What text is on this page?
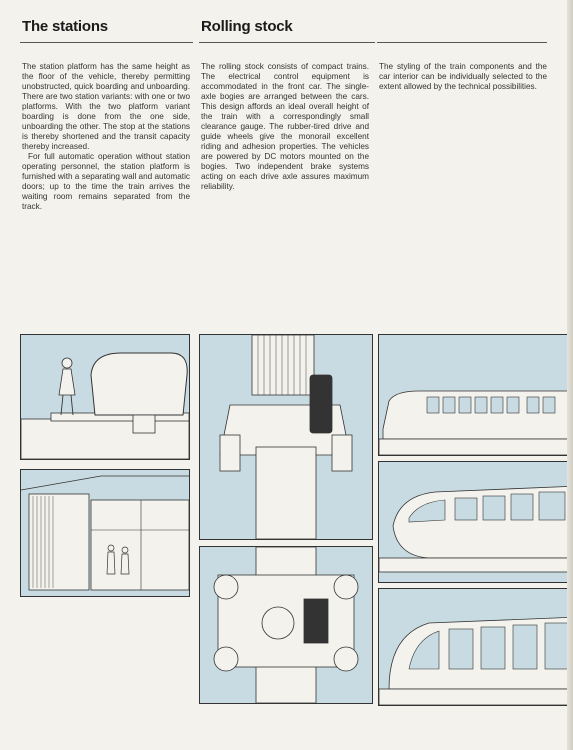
The stations	Rolling stock

The station platform has the same height as the floor of the vehicle, thereby permitting unobstructed, quick boarding and unboarding. There are two station variants: with one or two platforms. With the two platform variant boarding is done from the one side, unboarding the other. The stop at the stations is thereby shortened and the transit capacity thereby increased.

For full automatic operation without station operating personnel, the station platform is furnished with a separating wall and automatic doors; up to the time the train arrives the waiting room remains separated from the track.

The rolling stock consists of compact trains. The electrical control equipment is accommodated in the front car. The single-axle bogies are arranged between the cars. This design affords an ideal overall height of the train with a correspondingly small clearance gauge. The rubber-tired drive and guide wheels give the monorail excellent riding and adhesion properties. The vehicles are powered by DC motors mounted on the bogies. Two independent brake systems acting on each drive axle assures maximum reliability.

The styling of the train components and the car interior can be individually selected to the extent allowed by the technical possibilities.
